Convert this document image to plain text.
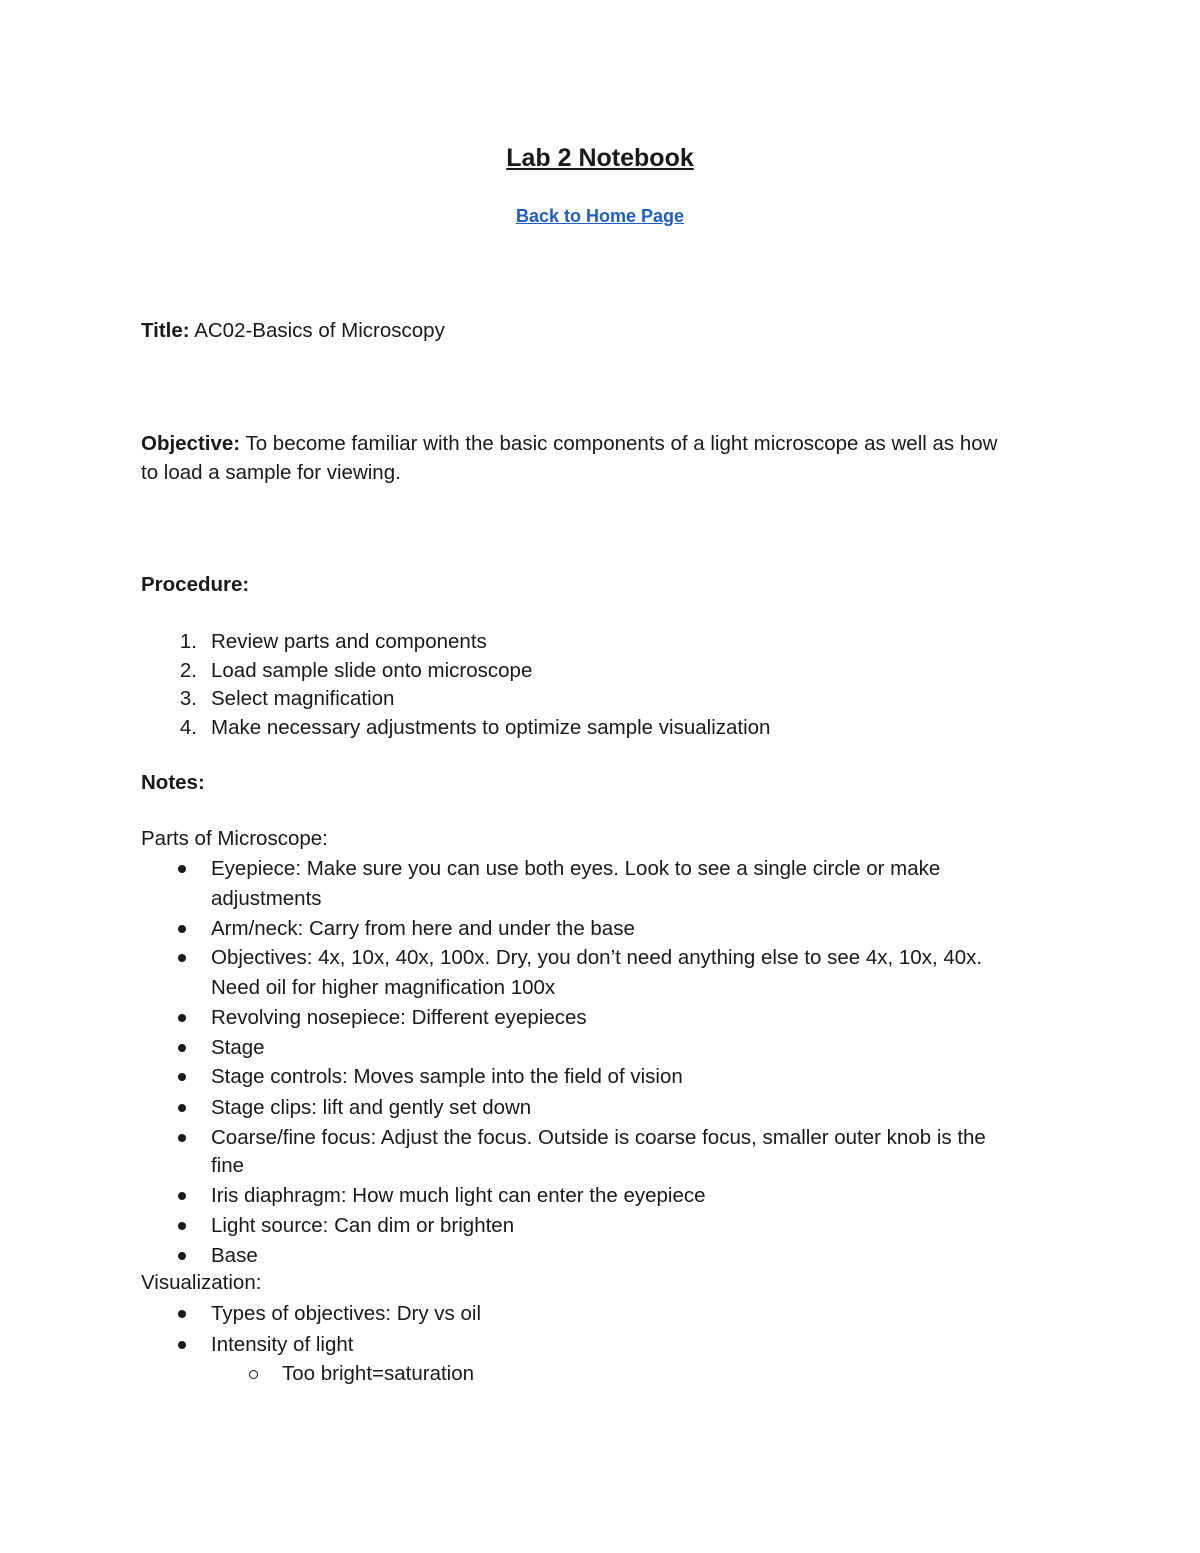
Lab 2 Notebook
Back to Home Page
Title: AC02-Basics of Microscopy
Objective: To become familiar with the basic components of a light microscope as well as how
to load a sample for viewing.
Procedure:
1. Review parts and components
2. Load sample slide onto microscope
3. Select magnification
4. Make necessary adjustments to optimize sample visualization
Notes:
Parts of Microscope:
Eyepiece: Make sure you can use both eyes. Look to see a single circle or make
adjustments
Arm/neck: Carry from here and under the base
Objectives: 4x, 10x, 40x, 100x. Dry, you don’t need anything else to see 4x, 10x, 40x.
Need oil for higher magnification 100x
Revolving nosepiece: Different eyepieces
Stage
Stage controls: Moves sample into the field of vision
Stage clips: lift and gently set down
Coarse/fine focus: Adjust the focus. Outside is coarse focus, smaller outer knob is the
fine
Iris diaphragm: How much light can enter the eyepiece
Light source: Can dim or brighten
Base
Visualization:
Types of objectives: Dry vs oil
Intensity of light
Too bright=saturation
